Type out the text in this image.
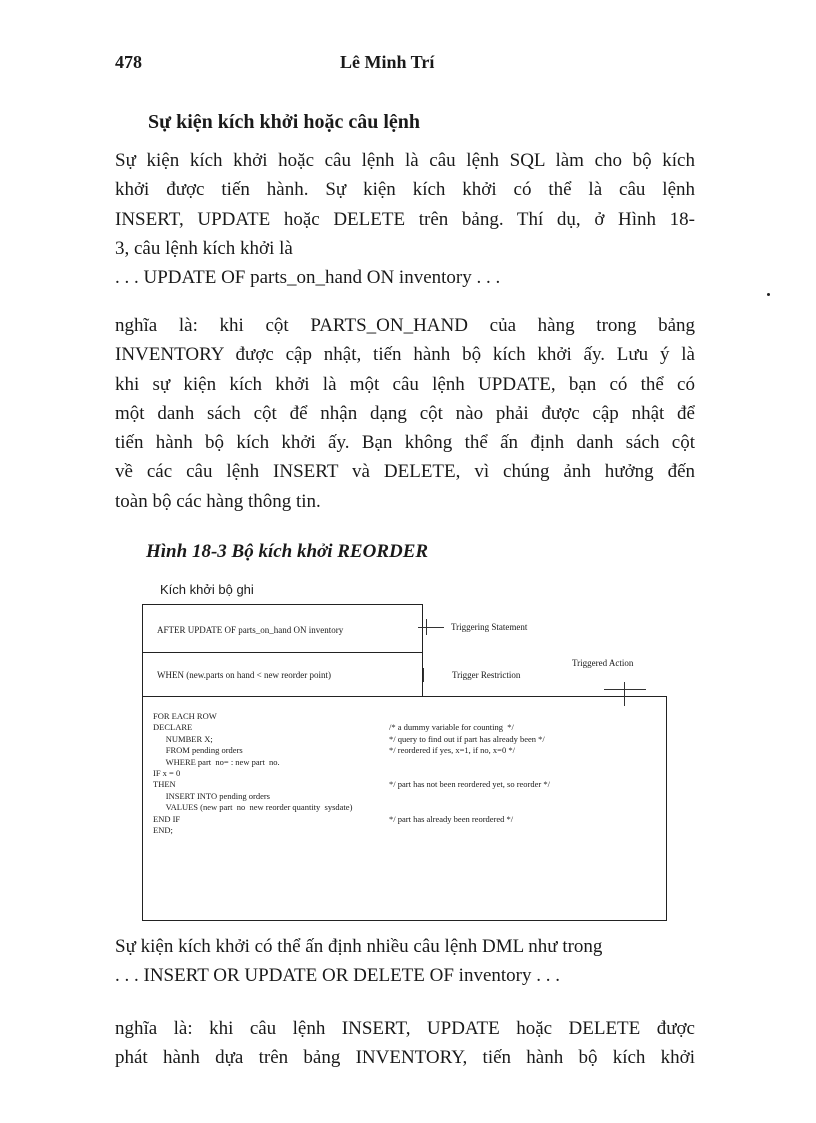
478	Lê Minh Trí
Sự kiện kích khởi hoặc câu lệnh
Sự kiện kích khởi hoặc câu lệnh là câu lệnh SQL làm cho bộ kích
khởi được tiến hành. Sự kiện kích khởi có thể là câu lệnh
INSERT, UPDATE hoặc DELETE trên bảng. Thí dụ, ở Hình 18-
3, câu lệnh kích khởi là
. . . UPDATE OF parts_on_hand ON inventory . . .
nghĩa là: khi cột PARTS_ON_HAND của hàng trong bảng
INVENTORY được cập nhật, tiến hành bộ kích khởi ấy. Lưu ý là
khi sự kiện kích khởi là một câu lệnh UPDATE, bạn có thể có
một danh sách cột để nhận dạng cột nào phải được cập nhật để
tiến hành bộ kích khởi ấy. Bạn không thể ấn định danh sách cột
về các câu lệnh INSERT và DELETE, vì chúng ảnh hưởng đến
toàn bộ các hàng thông tin.
Hình 18-3 Bộ kích khởi REORDER
Kích khởi bộ ghi
AFTER UPDATE OF parts_on_hand ON inventory
WHEN (new.parts on hand < new reorder point)
FOR EACH ROW
DECLARE
NUMBER X;
FROM pending orders
WHERE part  no= : new part  no.
IF x = 0
THEN
INSERT INTO pending orders
VALUES (new part  no  new reorder quantity  sysdate)
END IF
END;

/* a dummy variable for counting  */
*/ query to find out if part has already been */
*/ reordered if yes, x=1, if no, x=0 */

*/ part has not been reordered yet, so reorder */

*/ part has already been reordered */

Triggering Statement
Trigger Restriction
Triggered Action
Sự kiện kích khởi có thể ấn định nhiều câu lệnh DML như trong
. . . INSERT OR UPDATE OR DELETE OF inventory . . .
nghĩa là: khi câu lệnh INSERT, UPDATE hoặc DELETE được
phát hành dựa trên bảng INVENTORY, tiến hành bộ kích khởi
